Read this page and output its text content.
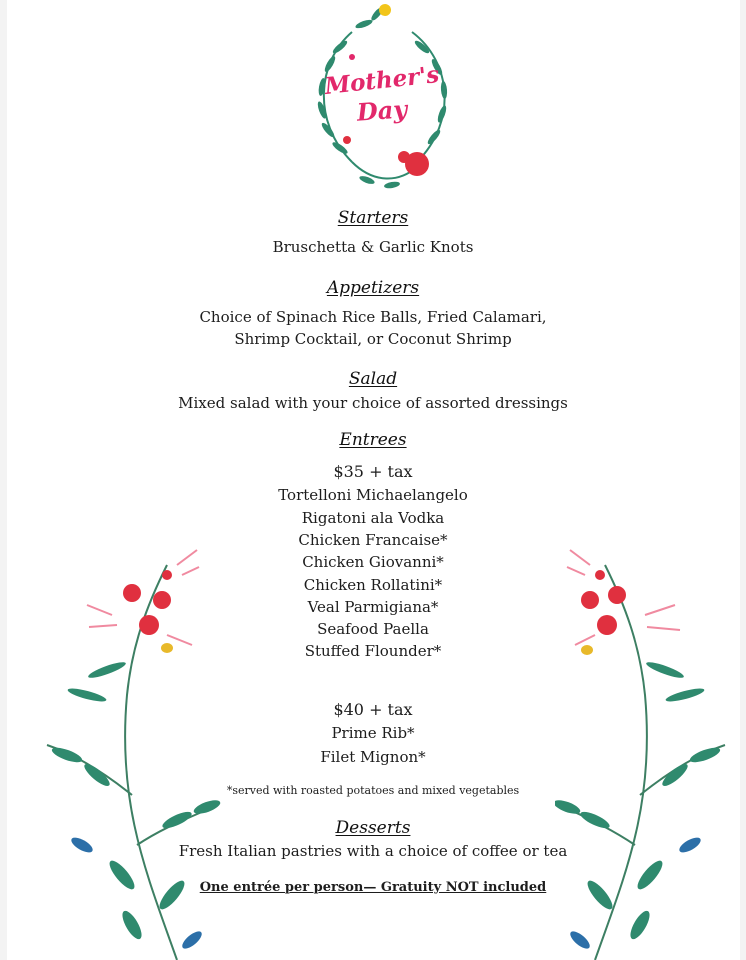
Mother's
Day
Starters
Bruschetta & Garlic Knots
Appetizers
Choice of Spinach Rice Balls, Fried Calamari,
Shrimp Cocktail, or Coconut Shrimp
Salad
Mixed salad with your choice of assorted dressings
Entrees
$35 + tax
Tortelloni Michaelangelo
Rigatoni ala Vodka
Chicken Francaise*
Chicken Giovanni*
Chicken Rollatini*
Veal Parmigiana*
Seafood Paella
Stuffed Flounder*
$40 + tax
Prime Rib*
Filet Mignon*
*served with roasted potatoes and mixed vegetables
Desserts
Fresh Italian pastries with a choice of coffee or tea
One entrée per person— Gratuity NOT included
